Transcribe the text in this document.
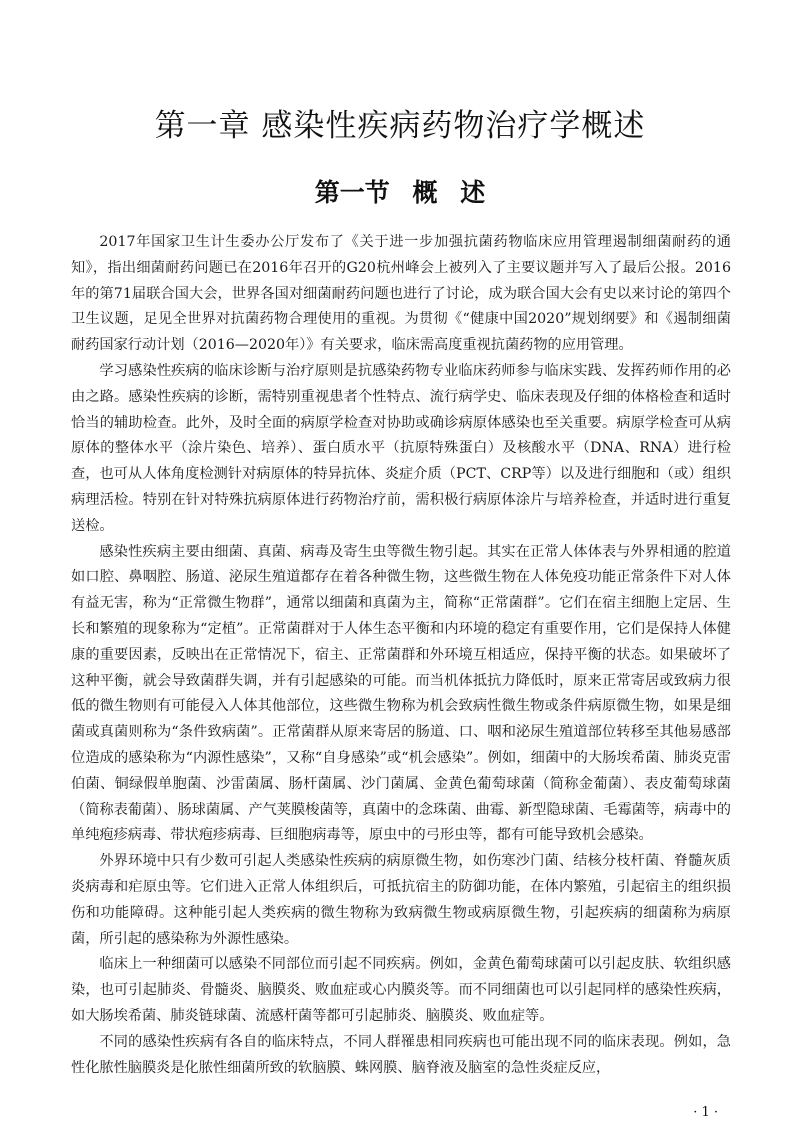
第一章 感染性疾病药物治疗学概述
第一节 概 述

2017年国家卫生计生委办公厅发布了《关于进一步加强抗菌药物临床应用管理遏制细菌耐药的通知》，指出细菌耐药问题已在2016年召开的G20杭州峰会上被列入了主要议题并写入了最后公报。2016年的第71届联合国大会，世界各国对细菌耐药问题也进行了讨论，成为联合国大会有史以来讨论的第四个卫生议题，足见全世界对抗菌药物合理使用的重视。为贯彻《“健康中国2020”规划纲要》和《遏制细菌耐药国家行动计划（2016—2020年）》有关要求，临床需高度重视抗菌药物的应用管理。

学习感染性疾病的临床诊断与治疗原则是抗感染药物专业临床药师参与临床实践、发挥药师作用的必由之路。感染性疾病的诊断，需特别重视患者个性特点、流行病学史、临床表现及仔细的体格检查和适时恰当的辅助检查。此外，及时全面的病原学检查对协助或确诊病原体感染也至关重要。病原学检查可从病原体的整体水平（涂片染色、培养）、蛋白质水平（抗原特殊蛋白）及核酸水平（DNA、RNA）进行检查，也可从人体角度检测针对病原体的特异抗体、炎症介质（PCT、CRP等）以及进行细胞和（或）组织病理活检。特别在针对特殊抗病原体进行药物治疗前，需积极行病原体涂片与培养检查，并适时进行重复送检。

感染性疾病主要由细菌、真菌、病毒及寄生虫等微生物引起。其实在正常人体体表与外界相通的腔道如口腔、鼻咽腔、肠道、泌尿生殖道都存在着各种微生物，这些微生物在人体免疫功能正常条件下对人体有益无害，称为“正常微生物群”，通常以细菌和真菌为主，简称“正常菌群”。它们在宿主细胞上定居、生长和繁殖的现象称为“定植”。正常菌群对于人体生态平衡和内环境的稳定有重要作用，它们是保持人体健康的重要因素，反映出在正常情况下，宿主、正常菌群和外环境互相适应，保持平衡的状态。如果破坏了这种平衡，就会导致菌群失调，并有引起感染的可能。而当机体抵抗力降低时，原来正常寄居或致病力很低的微生物则有可能侵入人体其他部位，这些微生物称为机会致病性微生物或条件病原微生物，如果是细菌或真菌则称为“条件致病菌”。正常菌群从原来寄居的肠道、口、咽和泌尿生殖道部位转移至其他易感部位造成的感染称为“内源性感染”，又称“自身感染”或“机会感染”。例如，细菌中的大肠埃希菌、肺炎克雷伯菌、铜绿假单胞菌、沙雷菌属、肠杆菌属、沙门菌属、金黄色葡萄球菌（简称金葡菌）、表皮葡萄球菌（简称表葡菌）、肠球菌属、产气荚膜梭菌等，真菌中的念珠菌、曲霉、新型隐球菌、毛霉菌等，病毒中的单纯疱疹病毒、带状疱疹病毒、巨细胞病毒等，原虫中的弓形虫等，都有可能导致机会感染。

外界环境中只有少数可引起人类感染性疾病的病原微生物，如伤寒沙门菌、结核分枝杆菌、脊髓灰质炎病毒和疟原虫等。它们进入正常人体组织后，可抵抗宿主的防御功能，在体内繁殖，引起宿主的组织损伤和功能障碍。这种能引起人类疾病的微生物称为致病微生物或病原微生物，引起疾病的细菌称为病原菌，所引起的感染称为外源性感染。

临床上一种细菌可以感染不同部位而引起不同疾病。例如，金黄色葡萄球菌可以引起皮肤、软组织感染，也可引起肺炎、骨髓炎、脑膜炎、败血症或心内膜炎等。而不同细菌也可以引起同样的感染性疾病，如大肠埃希菌、肺炎链球菌、流感杆菌等都可引起肺炎、脑膜炎、败血症等。

不同的感染性疾病有各自的临床特点，不同人群罹患相同疾病也可能出现不同的临床表现。例如，急性化脓性脑膜炎是化脓性细菌所致的软脑膜、蛛网膜、脑脊液及脑室的急性炎症反应，

· 1 ·
